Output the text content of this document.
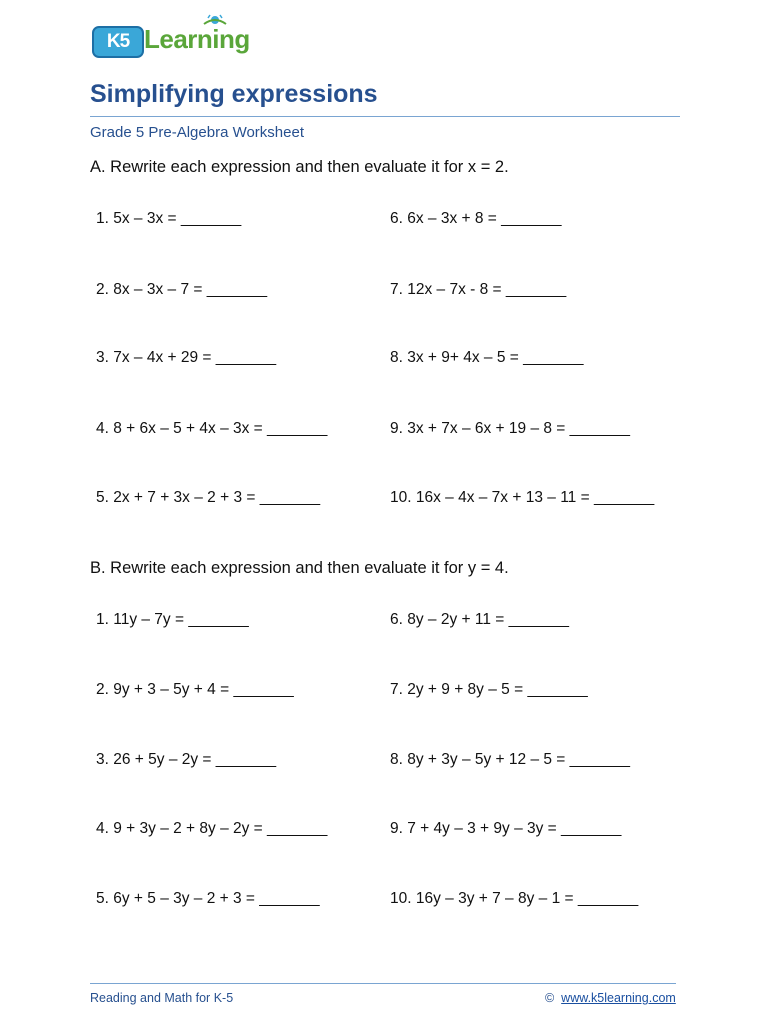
K5 Learning
Simplifying expressions
Grade 5 Pre-Algebra Worksheet
A. Rewrite each expression and then evaluate it for x = 2.
1. 5x – 3x = _______
2. 8x – 3x – 7 = _______
3. 7x – 4x + 29 = _______
4. 8 + 6x – 5 + 4x – 3x = _______
5. 2x + 7 + 3x – 2 + 3 = _______
6. 6x – 3x + 8 = _______
7. 12x – 7x - 8 = _______
8. 3x + 9+ 4x – 5 = _______
9. 3x + 7x – 6x + 19 – 8 = _______
10. 16x – 4x – 7x + 13 – 11 = _______
B. Rewrite each expression and then evaluate it for y = 4.
1. 11y – 7y = _______
2. 9y + 3 – 5y + 4 = _______
3. 26 + 5y – 2y = _______
4. 9 + 3y – 2 + 8y – 2y = _______
5. 6y + 5 – 3y – 2 + 3 = _______
6. 8y – 2y + 11 = _______
7. 2y + 9 + 8y – 5 = _______
8. 8y + 3y – 5y + 12 – 5 = _______
9. 7 + 4y – 3 + 9y – 3y = _______
10. 16y – 3y + 7 – 8y – 1 = _______
Reading and Math for K-5	© www.k5learning.com
